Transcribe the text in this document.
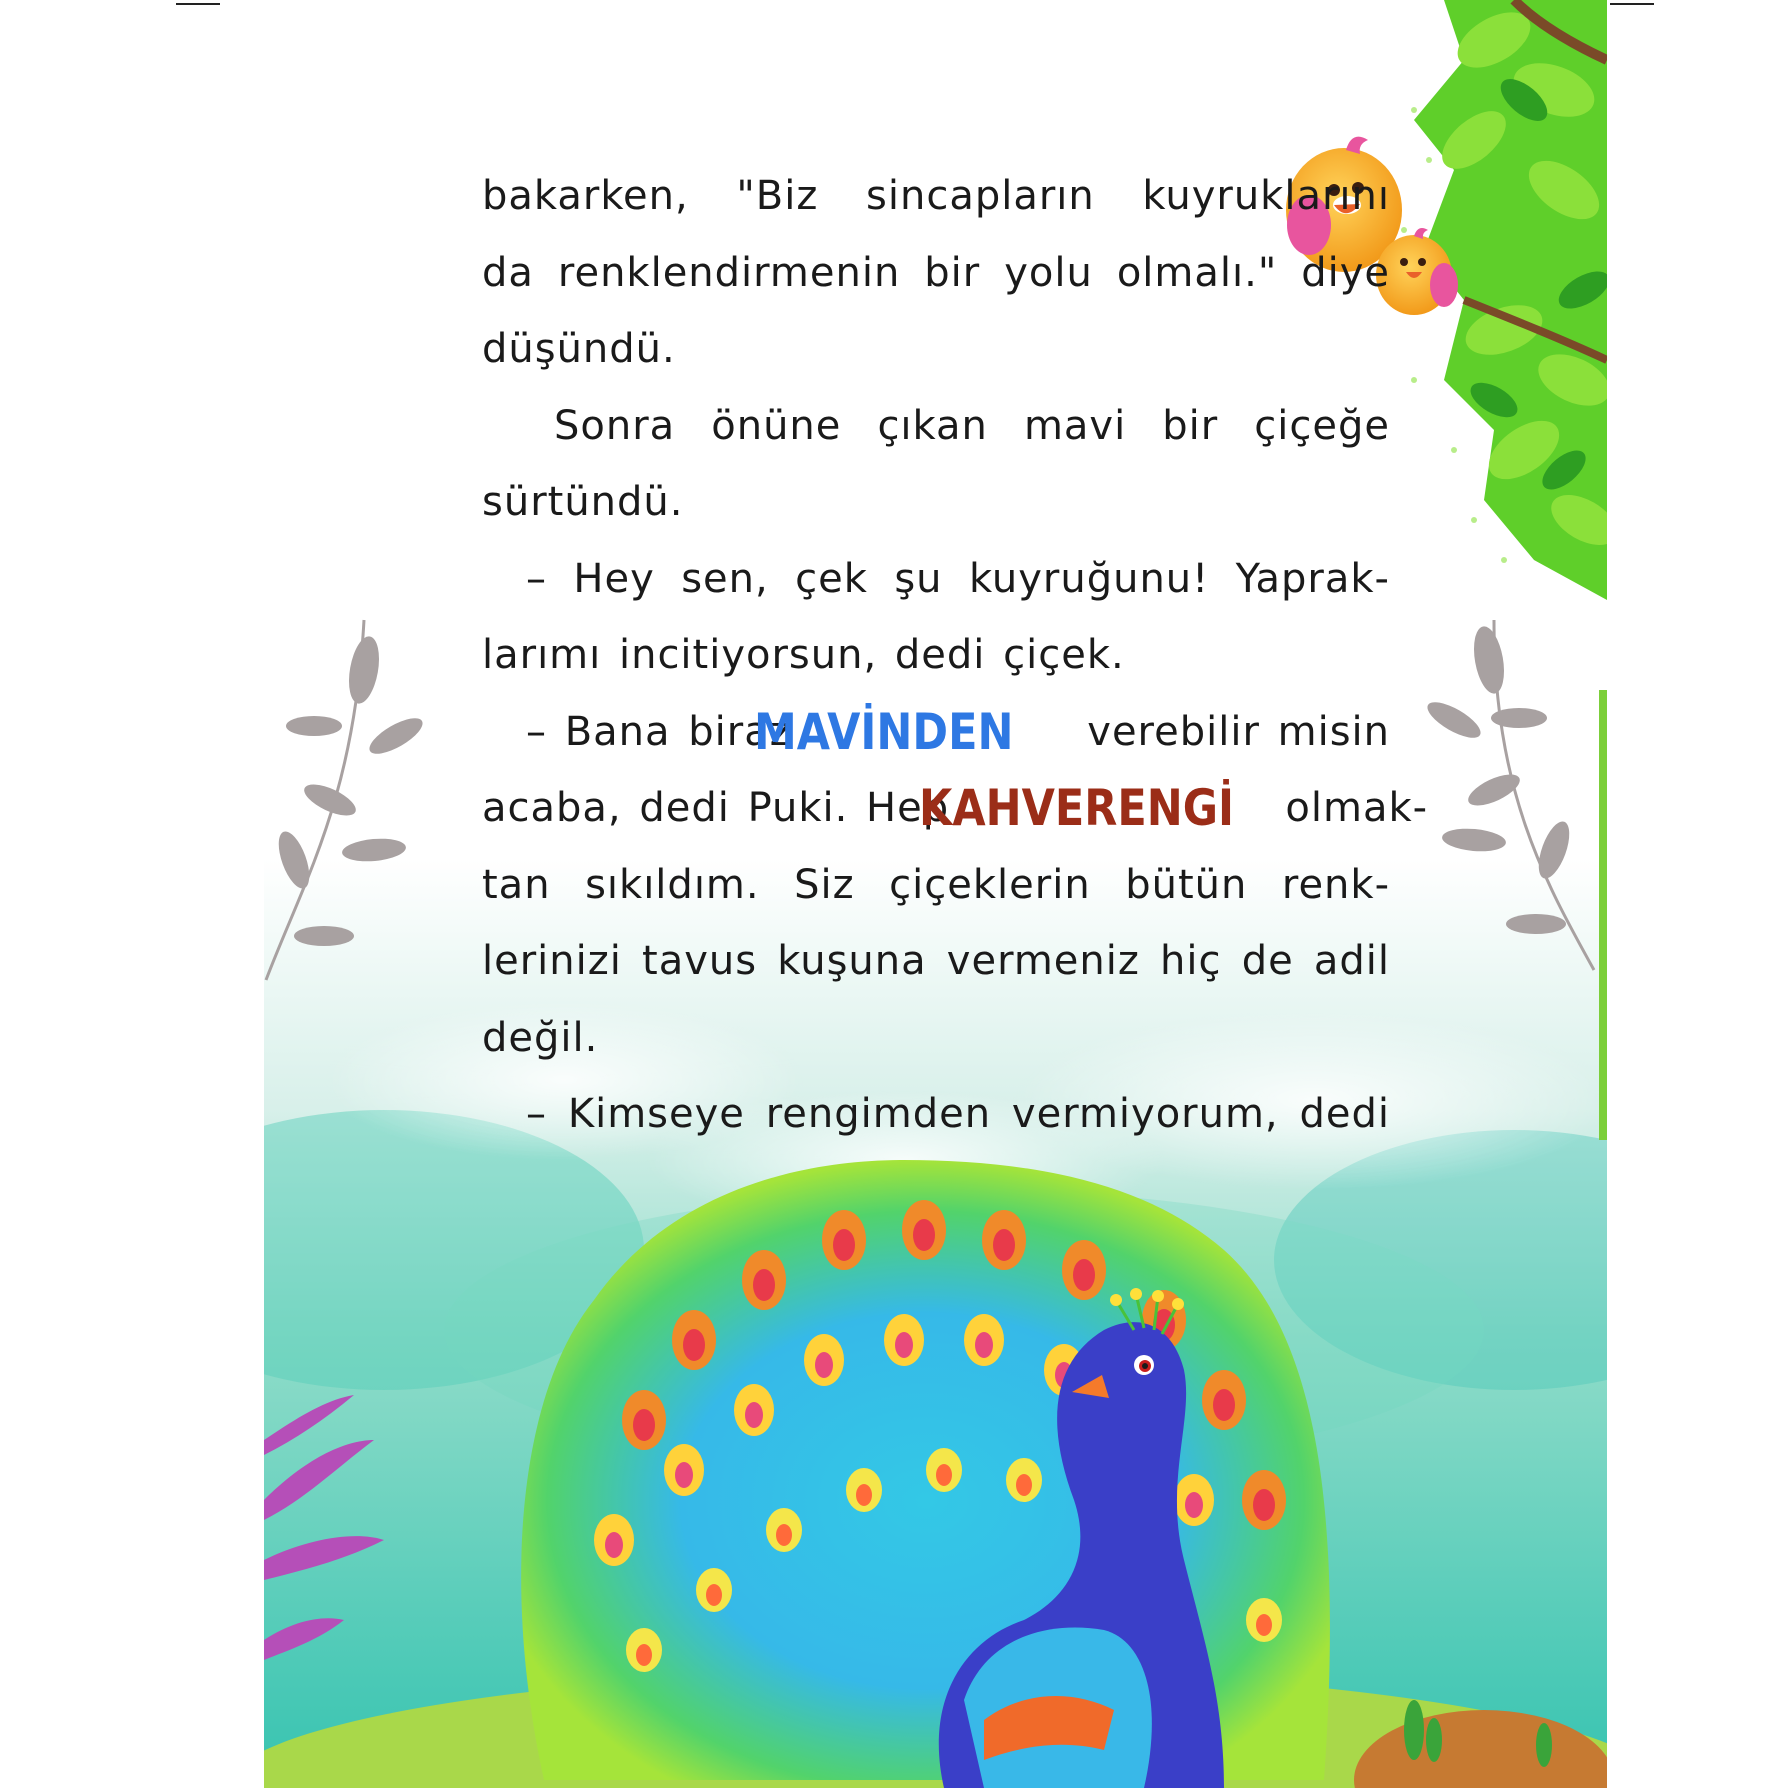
bakarken, "Biz sincapların kuyruklarını
da renklendirmenin bir yolu olmalı." diye
düşündü.
Sonra önüne çıkan mavi bir çiçeğe
sürtündü.
– Hey sen, çek şu kuyruğunu! Yaprak-
larımı incitiyorsun, dedi çiçek.
– Bana biraz
MAVİNDEN verebilir misin
acaba, dedi Puki. Hep
KAHVERENGİ olmak-
tan sıkıldım. Siz çiçeklerin bütün renk-
lerinizi tavus kuşuna vermeniz hiç de adil
değil.
– Kimseye rengimden vermiyorum, dedi
